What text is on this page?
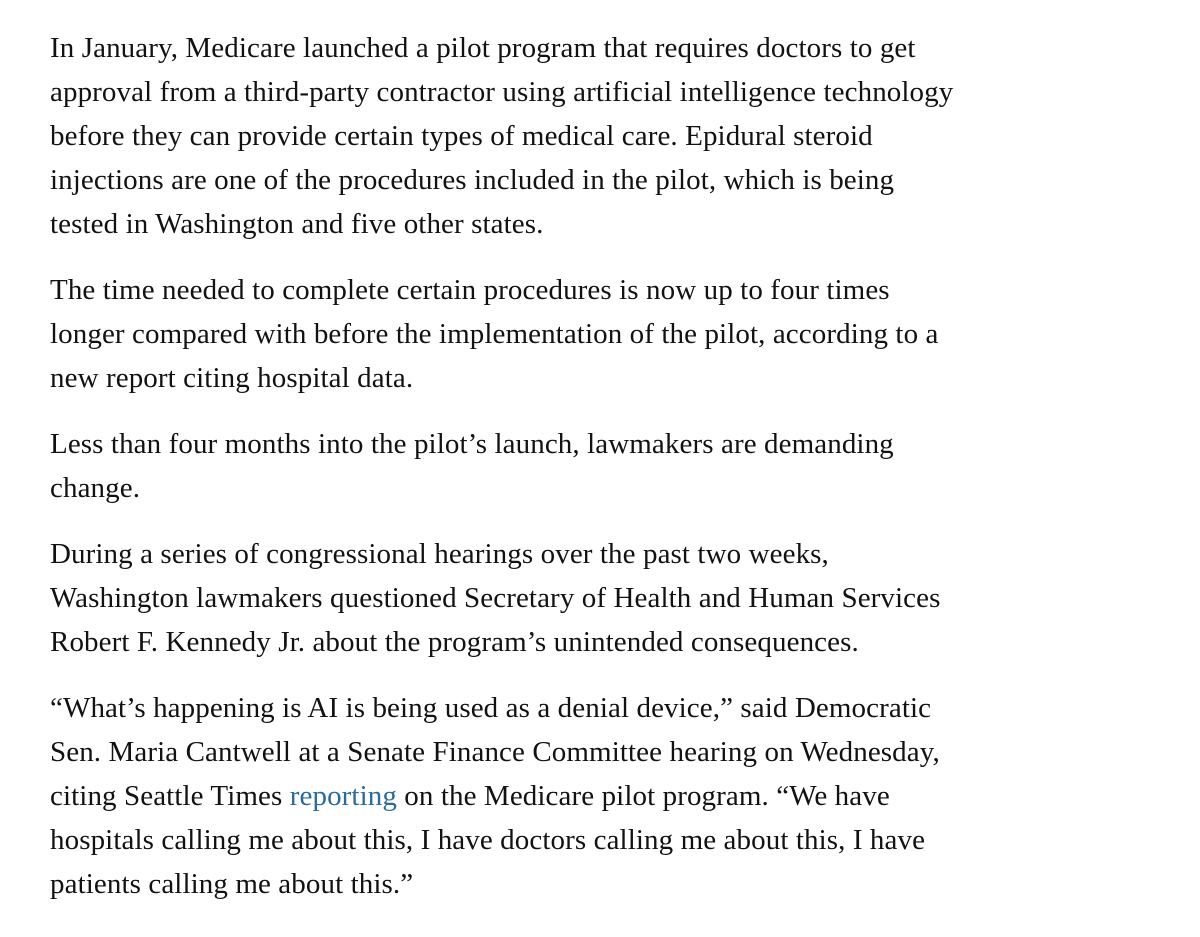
In January, Medicare launched a pilot program that requires doctors to get
approval from a third-party contractor using artificial intelligence technology
before they can provide certain types of medical care. Epidural steroid
injections are one of the procedures included in the pilot, which is being
tested in Washington and five other states.

The time needed to complete certain procedures is now up to four times
longer compared with before the implementation of the pilot, according to a
new report citing hospital data.

Less than four months into the pilot’s launch, lawmakers are demanding
change.

During a series of congressional hearings over the past two weeks,
Washington lawmakers questioned Secretary of Health and Human Services
Robert F. Kennedy Jr. about the program’s unintended consequences.

“What’s happening is AI is being used as a denial device,” said Democratic
Sen. Maria Cantwell at a Senate Finance Committee hearing on Wednesday,
citing Seattle Times reporting on the Medicare pilot program. “We have
hospitals calling me about this, I have doctors calling me about this, I have
patients calling me about this.”
